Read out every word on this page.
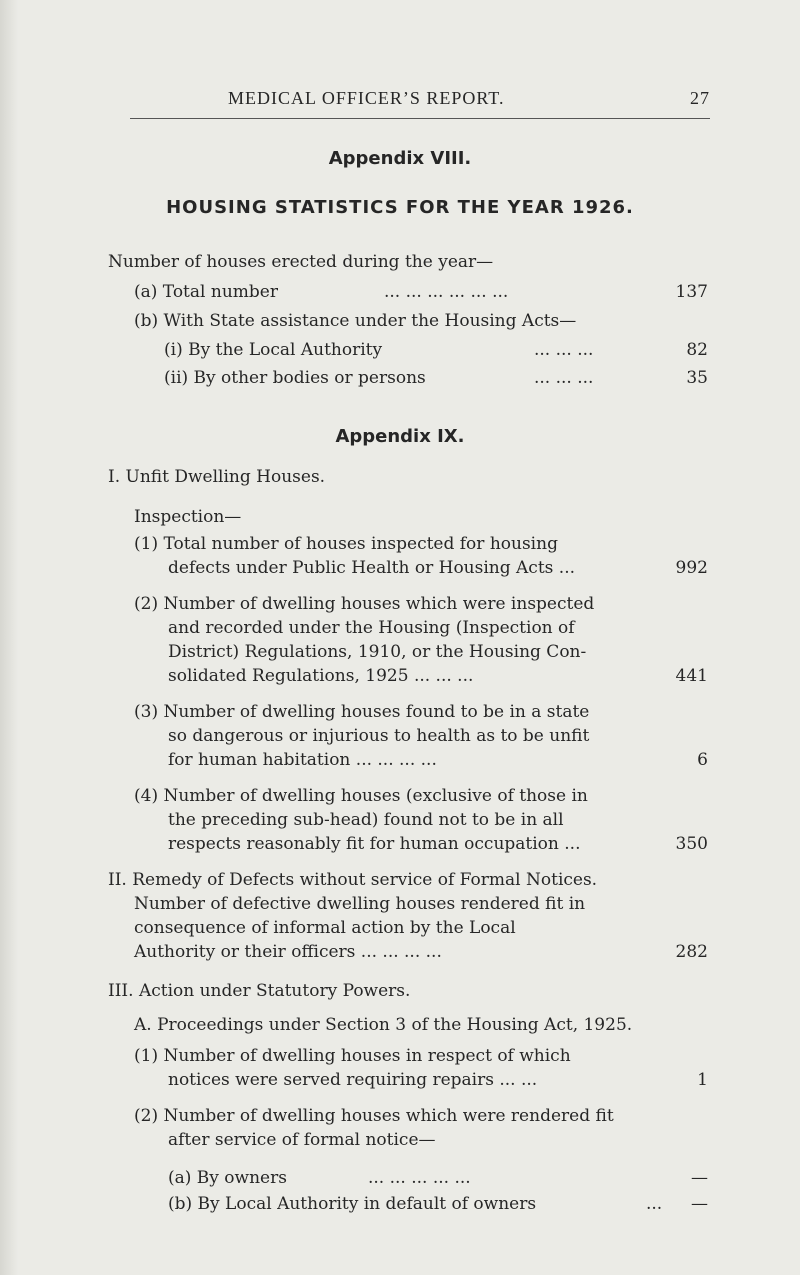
MEDICAL OFFICER’S REPORT.	27
Appendix VIII.
HOUSING STATISTICS FOR THE YEAR 1926.
Number of houses erected during the year—
(a) Total number	... ... ... ... ... ...	137
(b) With State assistance under the Housing Acts—
(i) By the Local Authority	... ... ...	82
(ii) By other bodies or persons	... ... ...	35
Appendix IX.
I. Unfit Dwelling Houses.
Inspection—
(1) Total number of houses inspected for housing
defects under Public Health or Housing Acts ...	992
(2) Number of dwelling houses which were inspected
and recorded under the Housing (Inspection of
District) Regulations, 1910, or the Housing Con-
solidated Regulations, 1925 ... ... ...	441
(3) Number of dwelling houses found to be in a state
so dangerous or injurious to health as to be unfit
for human habitation ... ... ... ...	6
(4) Number of dwelling houses (exclusive of those in
the preceding sub-head) found not to be in all
respects reasonably fit for human occupation ...	350
II. Remedy of Defects without service of Formal Notices.
Number of defective dwelling houses rendered fit in
consequence of informal action by the Local
Authority or their officers ... ... ... ...	282
III. Action under Statutory Powers.
A. Proceedings under Section 3 of the Housing Act, 1925.
(1) Number of dwelling houses in respect of which
notices were served requiring repairs ... ...	1
(2) Number of dwelling houses which were rendered fit
after service of formal notice—
(a) By owners	... ... ... ... ...	—
(b) By Local Authority in default of owners	... —
